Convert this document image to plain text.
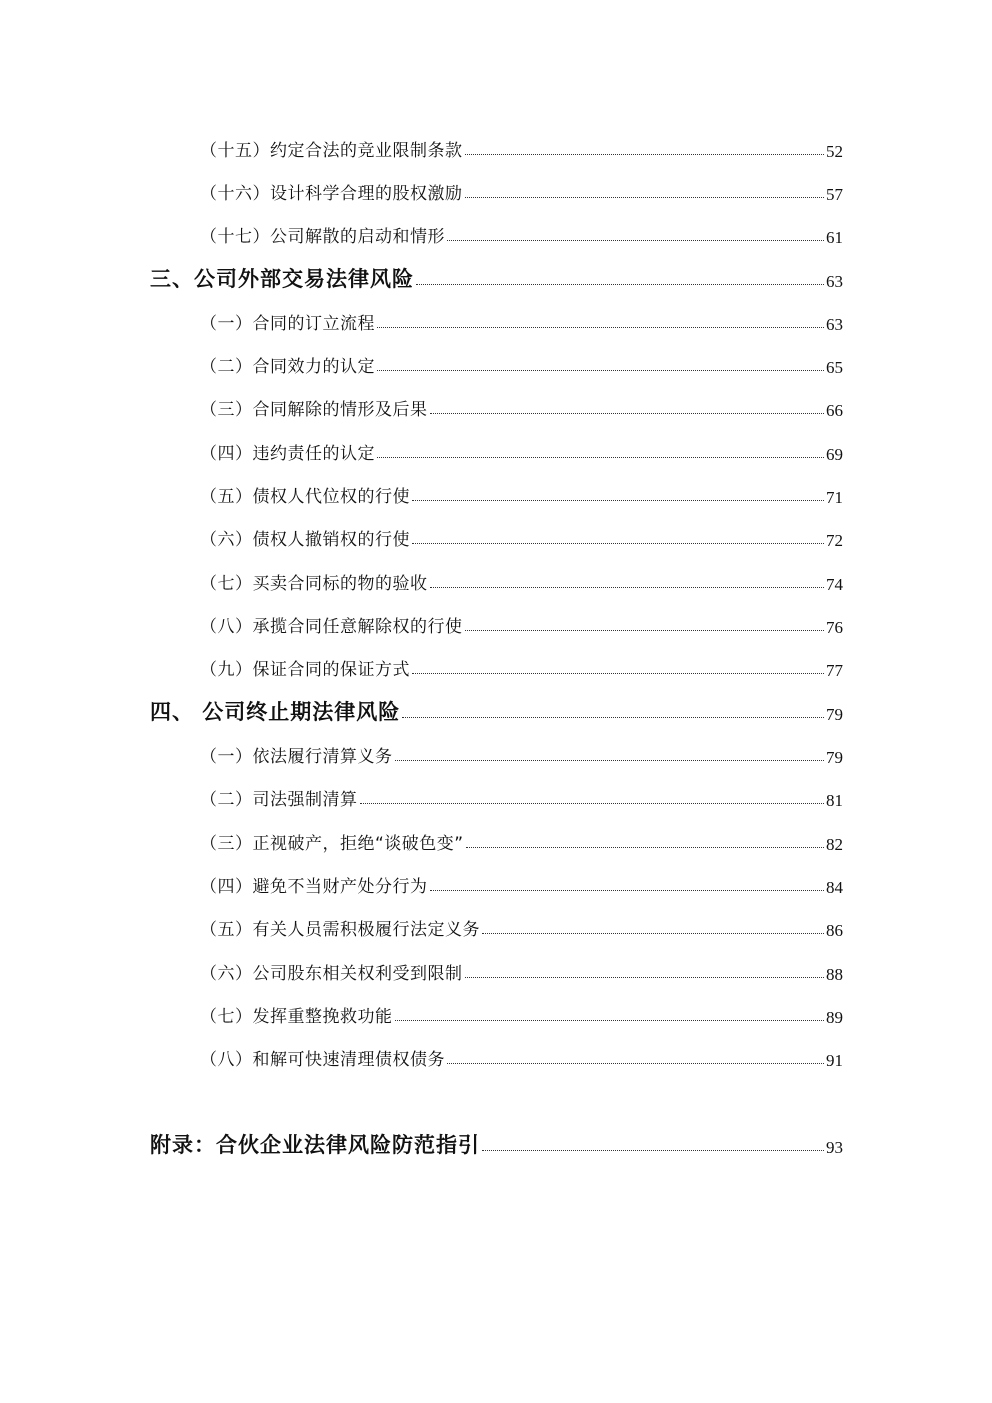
（十五）约定合法的竞业限制条款	52
（十六）设计科学合理的股权激励	57
（十七）公司解散的启动和情形	61
三、公司外部交易法律风险	63
（一）合同的订立流程	63
（二）合同效力的认定	65
（三）合同解除的情形及后果	66
（四）违约责任的认定	69
（五）债权人代位权的行使	71
（六）债权人撤销权的行使	72
（七）买卖合同标的物的验收	74
（八）承揽合同任意解除权的行使	76
（九）保证合同的保证方式	77
四、 公司终止期法律风险	79
（一）依法履行清算义务	79
（二）司法强制清算	81
（三）正视破产，拒绝“谈破色变”	82
（四）避免不当财产处分行为	84
（五）有关人员需积极履行法定义务	86
（六）公司股东相关权利受到限制	88
（七）发挥重整挽救功能	89
（八）和解可快速清理债权债务	91
附录：合伙企业法律风险防范指引	93
